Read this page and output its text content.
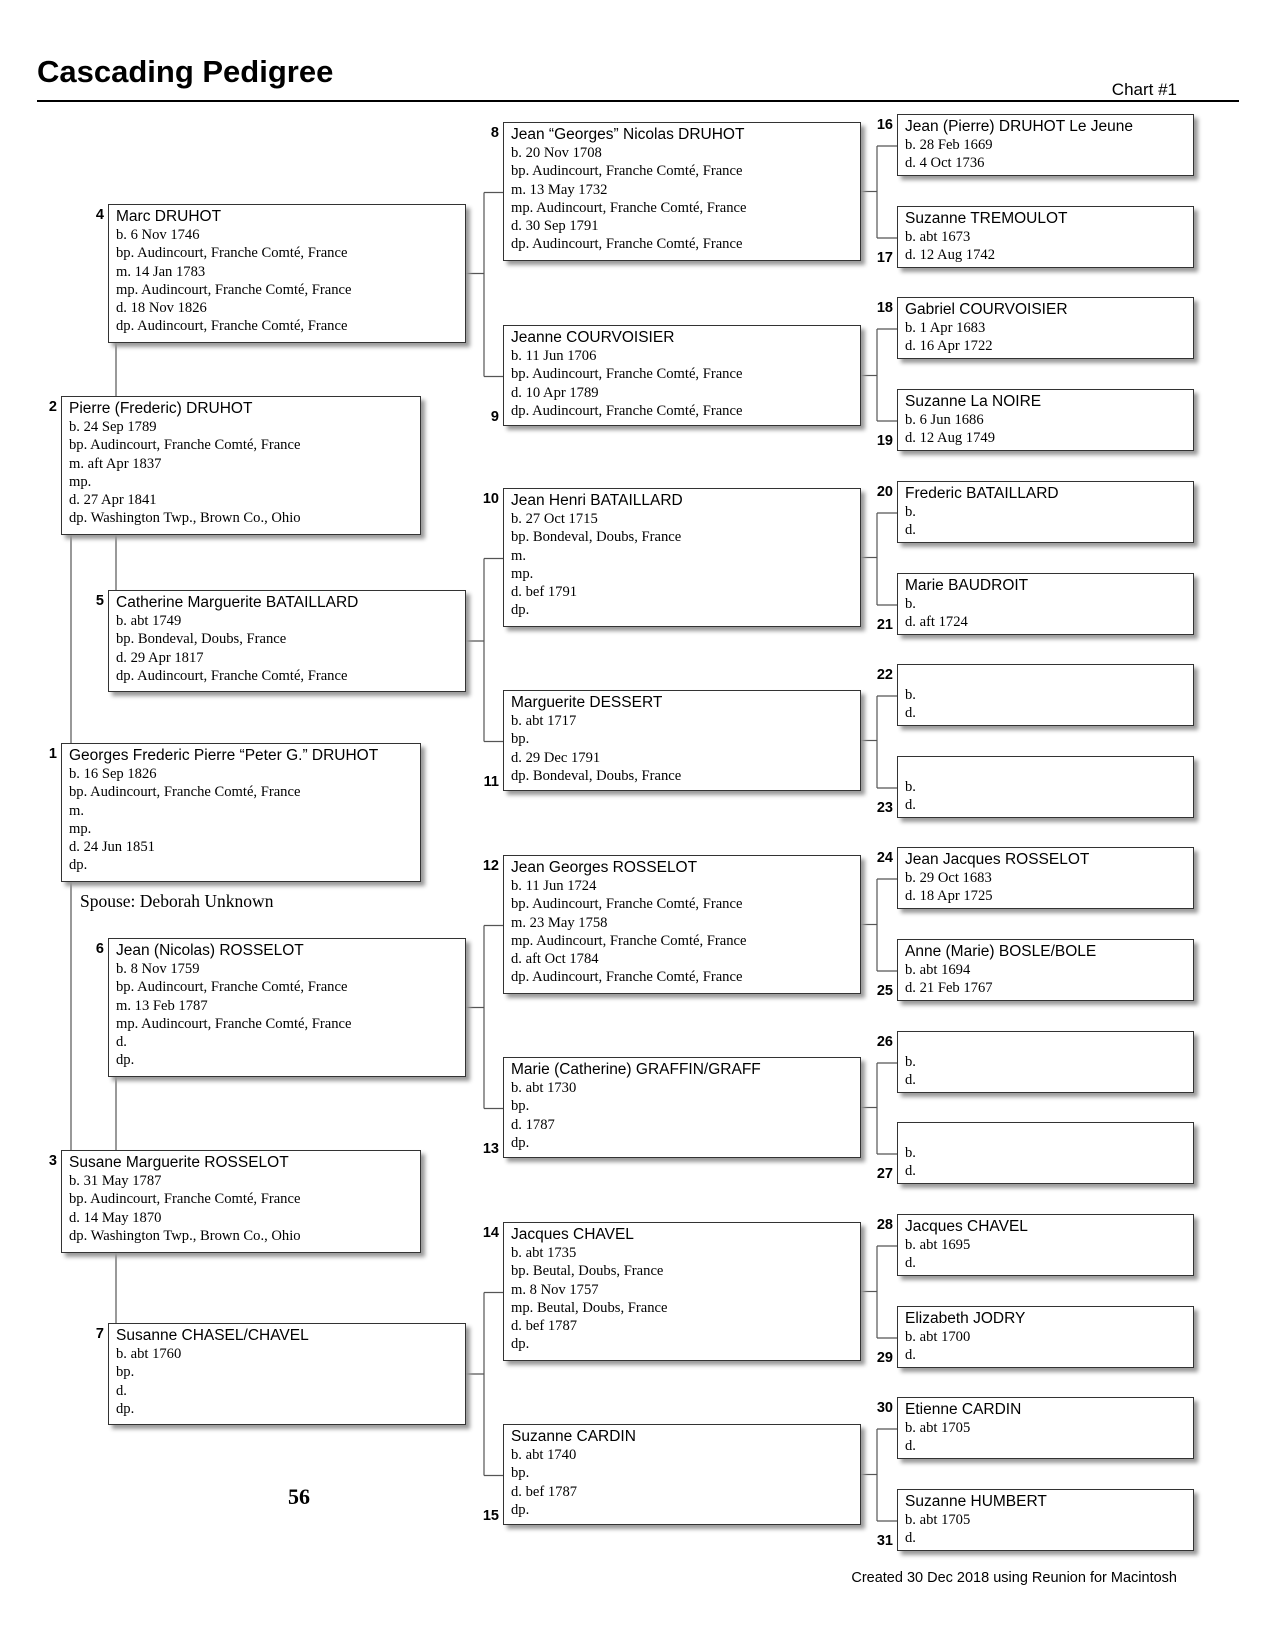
Cascading Pedigree
Chart #1
Georges Frederic Pierre “Peter G.” DRUHOT
b. 16 Sep 1826
bp. Audincourt, Franche Comté, France
m.
mp.
d. 24 Jun 1851
dp.
Pierre (Frederic) DRUHOT
b. 24 Sep 1789
bp. Audincourt, Franche Comté, France
m. aft Apr 1837
mp.
d. 27 Apr 1841
dp. Washington Twp., Brown Co., Ohio
Susane Marguerite ROSSELOT
b. 31 May 1787
bp. Audincourt, Franche Comté, France
d. 14 May 1870
dp. Washington Twp., Brown Co., Ohio
Marc DRUHOT
b. 6 Nov 1746
bp. Audincourt, Franche Comté, France
m. 14 Jan 1783
mp. Audincourt, Franche Comté, France
d. 18 Nov 1826
dp. Audincourt, Franche Comté, France
Catherine Marguerite BATAILLARD
b. abt 1749
bp. Bondeval, Doubs, France
d. 29 Apr 1817
dp. Audincourt, Franche Comté, France
Jean (Nicolas) ROSSELOT
b. 8 Nov 1759
bp. Audincourt, Franche Comté, France
m. 13 Feb 1787
mp. Audincourt, Franche Comté, France
d.
dp.
Susanne CHASEL/CHAVEL
b. abt 1760
bp.
d.
dp.
Jean “Georges” Nicolas DRUHOT
b. 20 Nov 1708
bp. Audincourt, Franche Comté, France
m. 13 May 1732
mp. Audincourt, Franche Comté, France
d. 30 Sep 1791
dp. Audincourt, Franche Comté, France
Jeanne COURVOISIER
b. 11 Jun 1706
bp. Audincourt, Franche Comté, France
d. 10 Apr 1789
dp. Audincourt, Franche Comté, France
Jean Henri BATAILLARD
b. 27 Oct 1715
bp. Bondeval, Doubs, France
m.
mp.
d. bef 1791
dp.
Marguerite DESSERT
b. abt 1717
bp.
d. 29 Dec 1791
dp. Bondeval, Doubs, France
Jean Georges ROSSELOT
b. 11 Jun 1724
bp. Audincourt, Franche Comté, France
m. 23 May 1758
mp. Audincourt, Franche Comté, France
d. aft Oct 1784
dp. Audincourt, Franche Comté, France
Marie (Catherine) GRAFFIN/GRAFF
b. abt 1730
bp.
d. 1787
dp.
Jacques CHAVEL
b. abt 1735
bp. Beutal, Doubs, France
m. 8 Nov 1757
mp. Beutal, Doubs, France
d. bef 1787
dp.
Suzanne CARDIN
b. abt 1740
bp.
d. bef 1787
dp.
Jean (Pierre) DRUHOT Le Jeune
b. 28 Feb 1669
d. 4 Oct 1736
Suzanne TREMOULOT
b. abt 1673
d. 12 Aug 1742
Gabriel COURVOISIER
b. 1 Apr 1683
d. 16 Apr 1722
Suzanne La NOIRE
b. 6 Jun 1686
d. 12 Aug 1749
Frederic BATAILLARD
b.
d.
Marie BAUDROIT
b.
d. aft 1724

b.
d.

b.
d.
Jean Jacques ROSSELOT
b. 29 Oct 1683
d. 18 Apr 1725
Anne (Marie) BOSLE/BOLE
b. abt 1694
d. 21 Feb 1767

b.
d.

b.
d.
Jacques CHAVEL
b. abt 1695
d.
Elizabeth JODRY
b. abt 1700
d.
Etienne CARDIN
b. abt 1705
d.
Suzanne HUMBERT
b. abt 1705
d.
Spouse: Deborah Unknown
56
Created 30 Dec 2018 using Reunion for Macintosh
1
2
3
4
5
6
7
8
9
10
11
12
13
14
15
16
17
18
19
20
21
22
23
24
25
26
27
28
29
30
31
